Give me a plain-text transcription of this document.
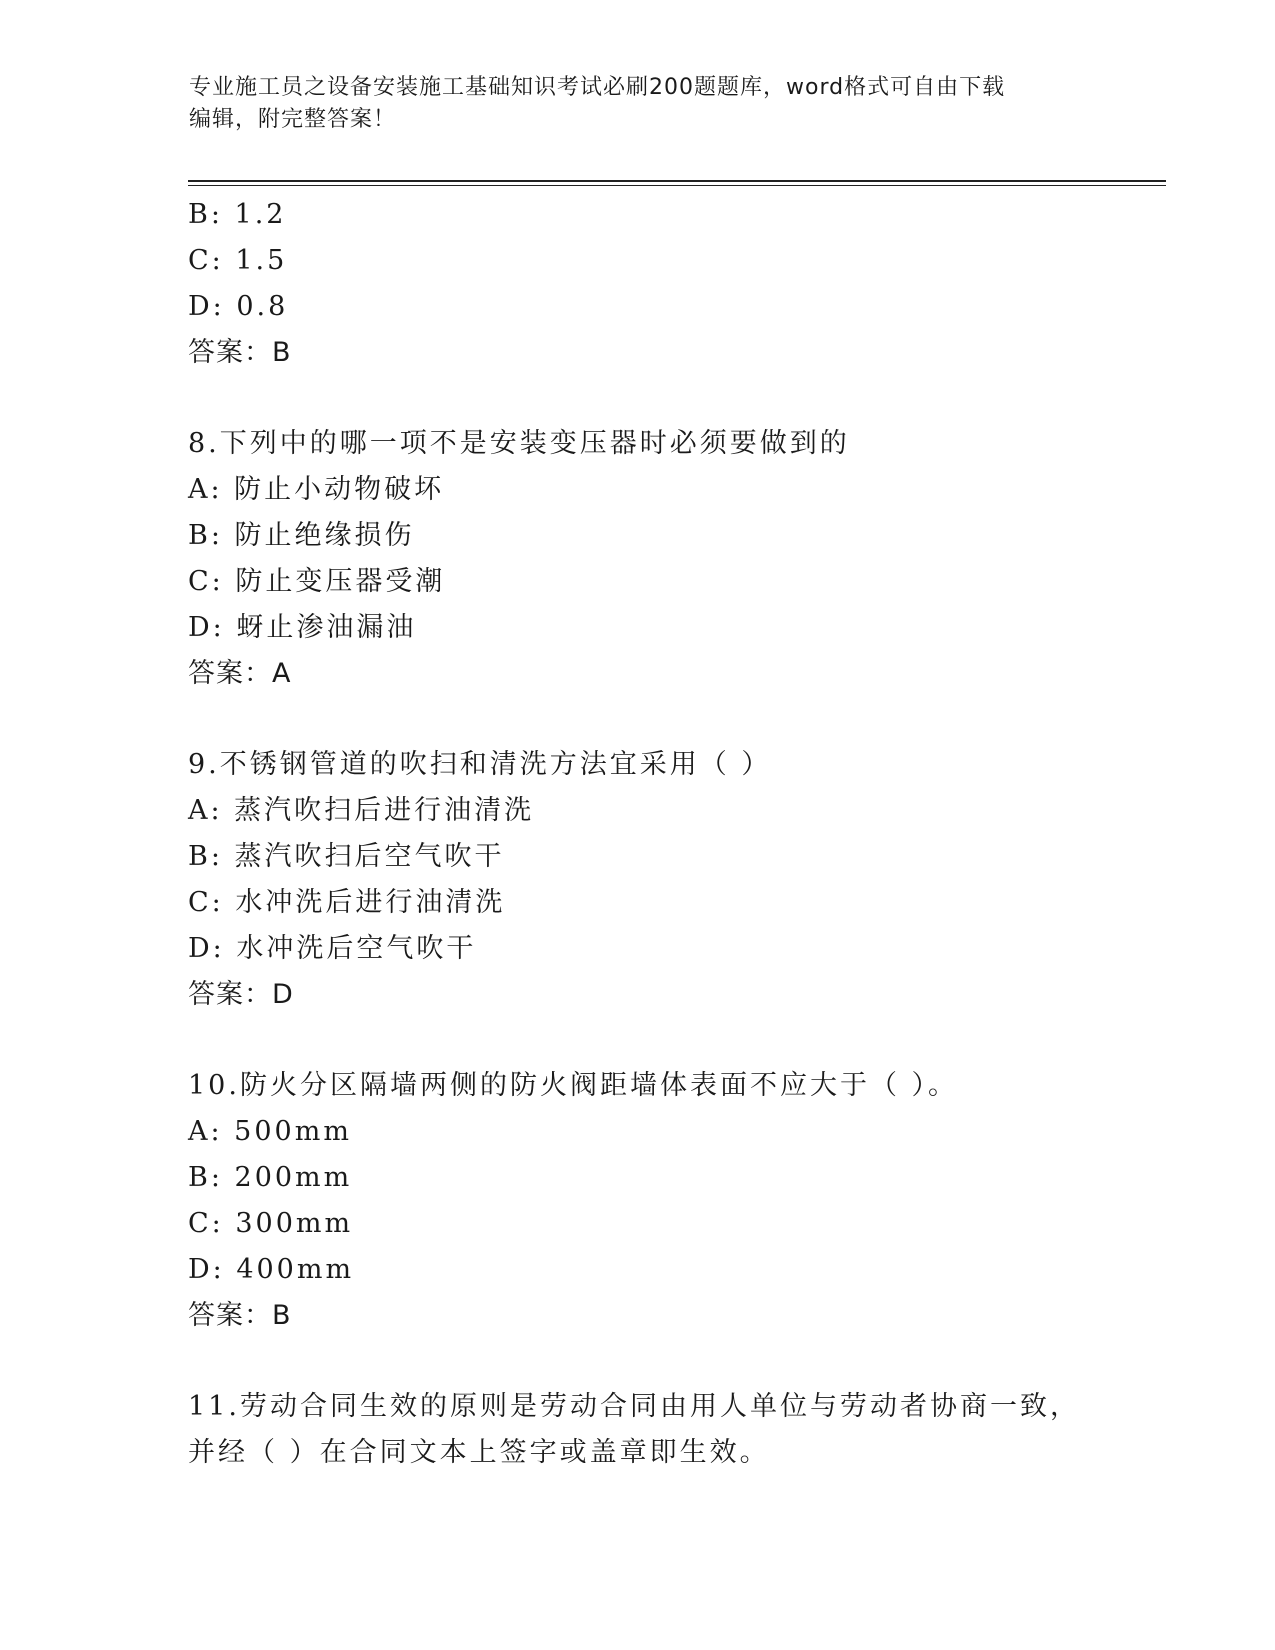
专业施工员之设备安装施工基础知识考试必刷200题题库，word格式可自由下载
编辑，附完整答案！
B: 1.2
C: 1.5
D: 0.8
答案：B
8.下列中的哪一项不是安装变压器时必须要做到的
A: 防止小动物破坏
B: 防止绝缘损伤
C: 防止变压器受潮
D: 蚜止渗油漏油
答案：A
9.不锈钢管道的吹扫和清洗方法宜采用（ ）
A: 蒸汽吹扫后进行油清洗
B: 蒸汽吹扫后空气吹干
C: 水冲洗后进行油清洗
D: 水冲洗后空气吹干
答案：D
10.防火分区隔墙两侧的防火阀距墙体表面不应大于（ ）。
A: 500mm
B: 200mm
C: 300mm
D: 400mm
答案：B
11.劳动合同生效的原则是劳动合同由用人单位与劳动者协商一致，并经（ ）在合同文本上签字或盖章即生效。
